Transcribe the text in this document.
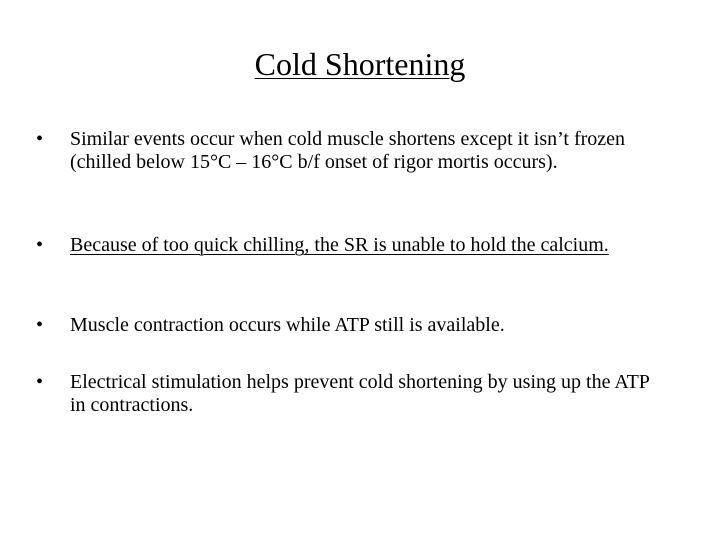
Cold Shortening
•	Similar events occur when cold muscle shortens except it isn’t frozen (chilled below 15°C – 16°C b/f onset of rigor mortis occurs).
•	Because of too quick chilling, the SR is unable to hold the calcium.
•	Muscle contraction occurs while ATP still is available.
•	Electrical stimulation helps prevent cold shortening by using up the ATP in contractions.
